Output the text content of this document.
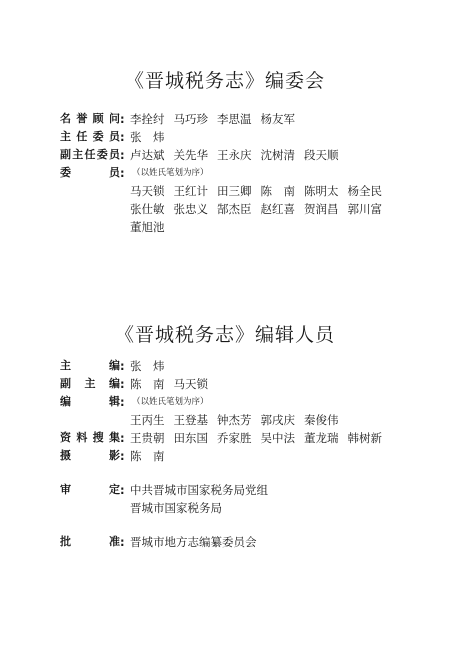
《晋城税务志》编委会
名誉顾问 : 李拴纣 马巧珍 李思温 杨友军
主任委员 : 张　炜
副主任委员 : 卢达斌 关先华 王永庆 沈树清 段天顺
委　　员 : （以姓氏笔划为序）
马天锁 王红计 田三卿 陈　南 陈明太 杨全民
张仕敏 张忠义 郜杰臣 赵红喜 贺润昌 郭川富
董旭池
《晋城税务志》编辑人员
主　　编 : 张　炜
副主编 : 陈　南 马天锁
编　　辑 : （以姓氏笔划为序）
王丙生 王登基 钟杰芳 郭戌庆 秦俊伟
资料搜集 : 王贵朝 田东国 乔家胜 吴中法 董龙瑞 韩树新
摄　　影 : 陈　南
审　　定 : 中共晋城市国家税务局党组
晋城市国家税务局
批　　准 : 晋城市地方志编纂委员会
